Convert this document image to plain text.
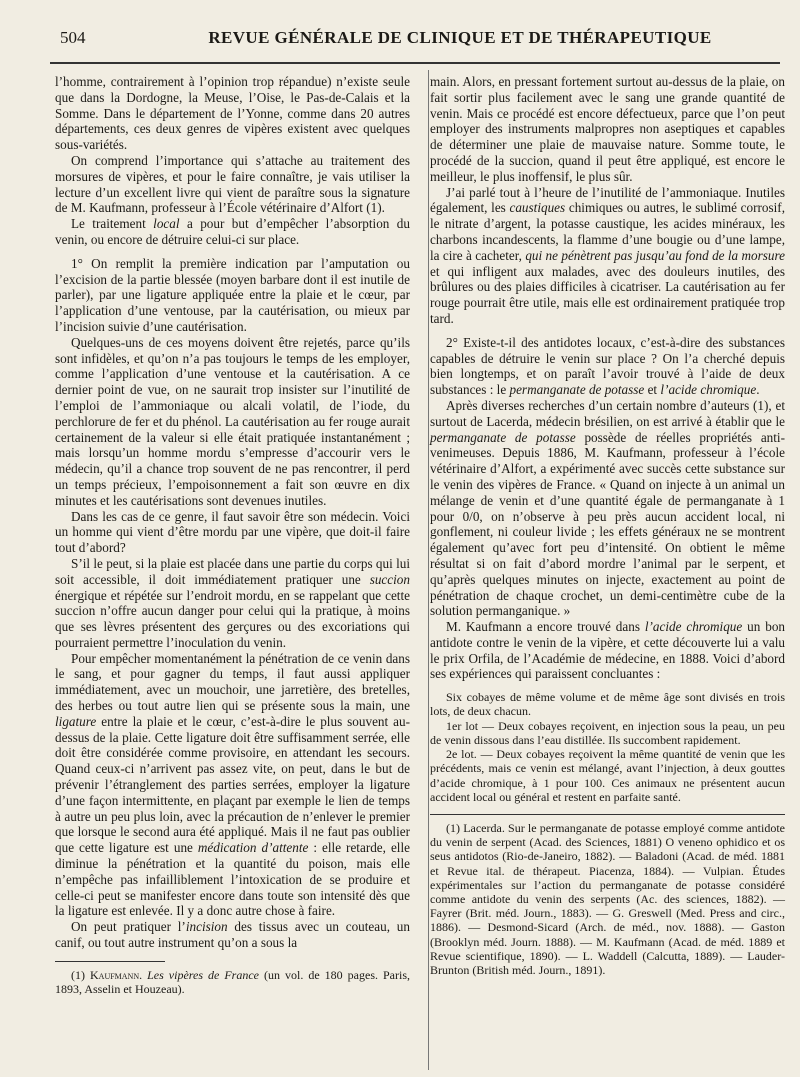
504	REVUE GÉNÉRALE DE CLINIQUE ET DE THÉRAPEUTIQUE

l’homme, contrairement à l’opinion trop répandue) n’existe seule que dans la Dordogne, la Meuse, l’Oise, le Pas-de-Calais et la Somme. Dans le département de l’Yonne, comme dans 20 autres départements, ces deux genres de vipères existent avec quelques sous-variétés.

On comprend l’importance qui s’attache au traitement des morsures de vipères, et pour le faire connaître, je vais utiliser la lecture d’un excellent livre qui vient de paraître sous la signature de M. Kaufmann, professeur à l’École vétérinaire d’Alfort (1).

Le traitement local a pour but d’empêcher l’absorption du venin, ou encore de détruire celui-ci sur place.

1° On remplit la première indication par l’amputation ou l’excision de la partie blessée (moyen barbare dont il est inutile de parler), par une ligature appliquée entre la plaie et le cœur, par l’application d’une ventouse, par la cautérisation, ou mieux par l’incision suivie d’une cautérisation.

Quelques-uns de ces moyens doivent être rejetés, parce qu’ils sont infidèles, et qu’on n’a pas toujours le temps de les employer, comme l’application d’une ventouse et la cautérisation. A ce dernier point de vue, on ne saurait trop insister sur l’inutilité de l’emploi de l’ammoniaque ou alcali volatil, de l’iode, du perchlorure de fer et du phénol. La cautérisation au fer rouge aurait certainement de la valeur si elle était pratiquée instantanément ; mais lorsqu’un homme mordu s’empresse d’accourir vers le médecin, qu’il a chance trop souvent de ne pas rencontrer, il perd un temps précieux, l’empoisonnement a fait son œuvre en dix minutes et les cautérisations sont devenues inutiles.

Dans les cas de ce genre, il faut savoir être son médecin. Voici un homme qui vient d’être mordu par une vipère, que doit-il faire tout d’abord?

S’il le peut, si la plaie est placée dans une partie du corps qui lui soit accessible, il doit immédiatement pratiquer une succion énergique et répétée sur l’endroit mordu, en se rappelant que cette succion n’offre aucun danger pour celui qui la pratique, à moins que ses lèvres présentent des gerçures ou des excoriations qui pourraient permettre l’inoculation du venin.

Pour empêcher momentanément la pénétration de ce venin dans le sang, et pour gagner du temps, il faut aussi appliquer immédiatement, avec un mouchoir, une jarretière, des bretelles, des herbes ou tout autre lien qui se présente sous la main, une ligature entre la plaie et le cœur, c’est-à-dire le plus souvent au-dessus de la plaie. Cette ligature doit être suffisamment serrée, elle doit être considérée comme provisoire, en attendant les secours. Quand ceux-ci n’arrivent pas assez vite, on peut, dans le but de prévenir l’étranglement des parties serrées, employer la ligature d’une façon intermittente, en plaçant par exemple le lien de temps à autre un peu plus loin, avec la précaution de n’enlever le premier que lorsque le second aura été appliqué. Mais il ne faut pas oublier que cette ligature est une médication d’attente : elle retarde, elle diminue la pénétration et la quantité du poison, mais elle n’empêche pas infailliblement l’intoxication de se produire et celle-ci peut se manifester encore dans toute son intensité dès que la ligature est enlevée. Il y a donc autre chose à faire.

On peut pratiquer l’incision des tissus avec un couteau, un canif, ou tout autre instrument qu’on a sous la

(1) Kaufmann. Les vipères de France (un vol. de 180 pages. Paris, 1893, Asselin et Houzeau).

main. Alors, en pressant fortement surtout au-dessus de la plaie, on fait sortir plus facilement avec le sang une grande quantité de venin. Mais ce procédé est encore défectueux, parce que l’on peut employer des instruments malpropres non aseptiques et capables de déterminer une plaie de mauvaise nature. Somme toute, le procédé de la succion, quand il peut être appliqué, est encore le meilleur, le plus inoffensif, le plus sûr.

J’ai parlé tout à l’heure de l’inutilité de l’ammoniaque. Inutiles également, les caustiques chimiques ou autres, le sublimé corrosif, le nitrate d’argent, la potasse caustique, les acides minéraux, les charbons incandescents, la flamme d’une bougie ou d’une lampe, la cire à cacheter, qui ne pénètrent pas jusqu’au fond de la morsure et qui infligent aux malades, avec des douleurs inutiles, des brûlures ou des plaies difficiles à cicatriser. La cautérisation au fer rouge pourrait être utile, mais elle est ordinairement pratiquée trop tard.

2° Existe-t-il des antidotes locaux, c’est-à-dire des substances capables de détruire le venin sur place ? On l’a cherché depuis bien longtemps, et on paraît l’avoir trouvé à l’aide de deux substances : le permanganate de potasse et l’acide chromique.

Après diverses recherches d’un certain nombre d’auteurs (1), et surtout de Lacerda, médecin brésilien, on est arrivé à établir que le permanganate de potasse possède de réelles propriétés anti-venimeuses. Depuis 1886, M. Kaufmann, professeur à l’école vétérinaire d’Alfort, a expérimenté avec succès cette substance sur le venin des vipères de France. « Quand on injecte à un animal un mélange de venin et d’une quantité égale de permanganate à 1 pour 0/0, on n’observe à peu près aucun accident local, ni gonflement, ni couleur livide ; les effets généraux ne se montrent également qu’avec fort peu d’intensité. On obtient le même résultat si on fait d’abord mordre l’animal par le serpent, et qu’après quelques minutes on injecte, exactement au point de pénétration de chaque crochet, un demi-centimètre cube de la solution permanganique. »

M. Kaufmann a encore trouvé dans l’acide chromique un bon antidote contre le venin de la vipère, et cette découverte lui a valu le prix Orfila, de l’Académie de médecine, en 1888. Voici d’abord ses expériences qui paraissent concluantes :

Six cobayes de même volume et de même âge sont divisés en trois lots, de deux chacun.

1er lot — Deux cobayes reçoivent, en injection sous la peau, un peu de venin dissous dans l’eau distillée. Ils succombent rapidement.

2e lot. — Deux cobayes reçoivent la même quantité de venin que les précédents, mais ce venin est mélangé, avant l’injection, à deux gouttes d’acide chromique, à 1 pour 100. Ces animaux ne présentent aucun accident local ou général et restent en parfaite santé.

(1) Lacerda. Sur le permanganate de potasse employé comme antidote du venin de serpent (Acad. des Sciences, 1881) O veneno ophidico et os seus antidotos (Rio-de-Janeiro, 1882). — Baladoni (Acad. de méd. 1881 et Revue ital. de thérapeut. Piacenza, 1884). — Vulpian. Études expérimentales sur l’action du permanganate de potasse considéré comme antidote du venin des serpents (Ac. des sciences, 1882). — Fayrer (Brit. méd. Journ., 1883). — G. Greswell (Med. Press and circ., 1886). — Desmond-Sicard (Arch. de méd., nov. 1888). — Gaston (Brooklyn méd. Journ. 1888). — M. Kaufmann (Acad. de méd. 1889 et Revue scientifique, 1890). — L. Waddell (Calcutta, 1889). — Lauder-Brunton (British méd. Journ., 1891).
